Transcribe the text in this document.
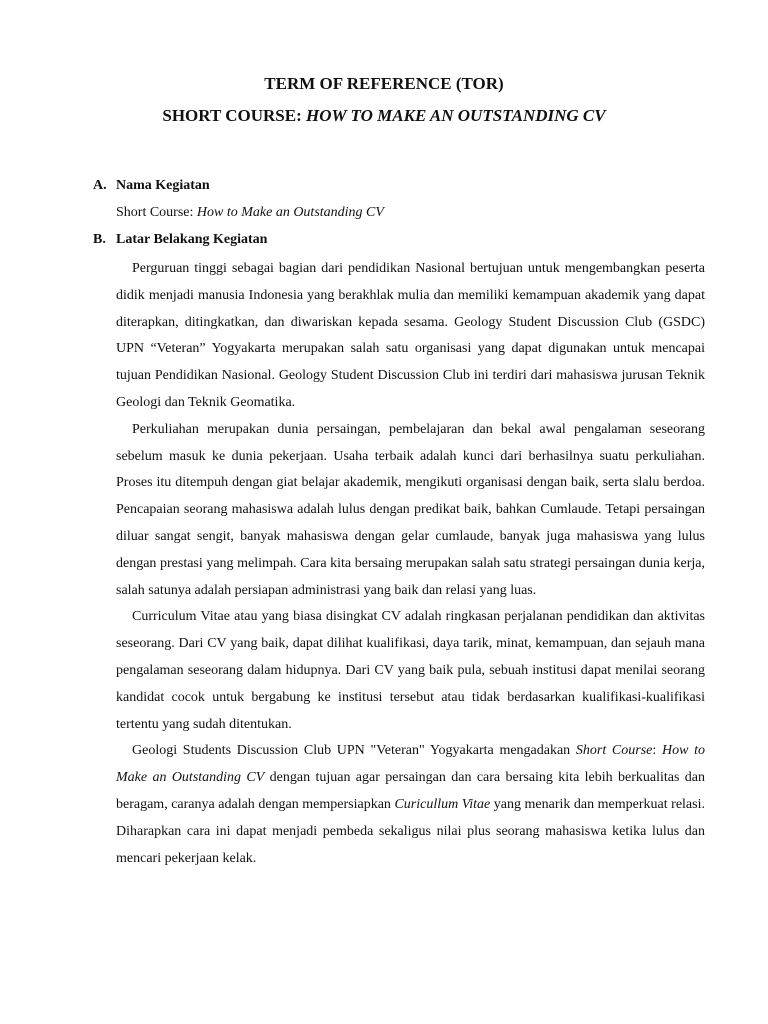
TERM OF REFERENCE (TOR)
SHORT COURSE: HOW TO MAKE AN OUTSTANDING CV
A. Nama Kegiatan
Short Course: How to Make an Outstanding CV
B. Latar Belakang Kegiatan

Perguruan tinggi sebagai bagian dari pendidikan Nasional bertujuan untuk mengembangkan peserta didik menjadi manusia Indonesia yang berakhlak mulia dan memiliki kemampuan akademik yang dapat diterapkan, ditingkatkan, dan diwariskan kepada sesama. Geology Student Discussion Club (GSDC) UPN “Veteran” Yogyakarta merupakan salah satu organisasi yang dapat digunakan untuk mencapai tujuan Pendidikan Nasional. Geology Student Discussion Club ini terdiri dari mahasiswa jurusan Teknik Geologi dan Teknik Geomatika.

Perkuliahan merupakan dunia persaingan, pembelajaran dan bekal awal pengalaman seseorang sebelum masuk ke dunia pekerjaan. Usaha terbaik adalah kunci dari berhasilnya suatu perkuliahan. Proses itu ditempuh dengan giat belajar akademik, mengikuti organisasi dengan baik, serta slalu berdoa. Pencapaian seorang mahasiswa adalah lulus dengan predikat baik, bahkan Cumlaude. Tetapi persaingan diluar sangat sengit, banyak mahasiswa dengan gelar cumlaude, banyak juga mahasiswa yang lulus dengan prestasi yang melimpah. Cara kita bersaing merupakan salah satu strategi persaingan dunia kerja, salah satunya adalah persiapan administrasi yang baik dan relasi yang luas.

Curriculum Vitae atau yang biasa disingkat CV adalah ringkasan perjalanan pendidikan dan aktivitas seseorang. Dari CV yang baik, dapat dilihat kualifikasi, daya tarik, minat, kemampuan, dan sejauh mana pengalaman seseorang dalam hidupnya. Dari CV yang baik pula, sebuah institusi dapat menilai seorang kandidat cocok untuk bergabung ke institusi tersebut atau tidak berdasarkan kualifikasi-kualifikasi tertentu yang sudah ditentukan.

Geologi Students Discussion Club UPN "Veteran" Yogyakarta mengadakan Short Course: How to Make an Outstanding CV dengan tujuan agar persaingan dan cara bersaing kita lebih berkualitas dan beragam, caranya adalah dengan mempersiapkan Curicullum Vitae yang menarik dan memperkuat relasi. Diharapkan cara ini dapat menjadi pembeda sekaligus nilai plus seorang mahasiswa ketika lulus dan mencari pekerjaan kelak.
